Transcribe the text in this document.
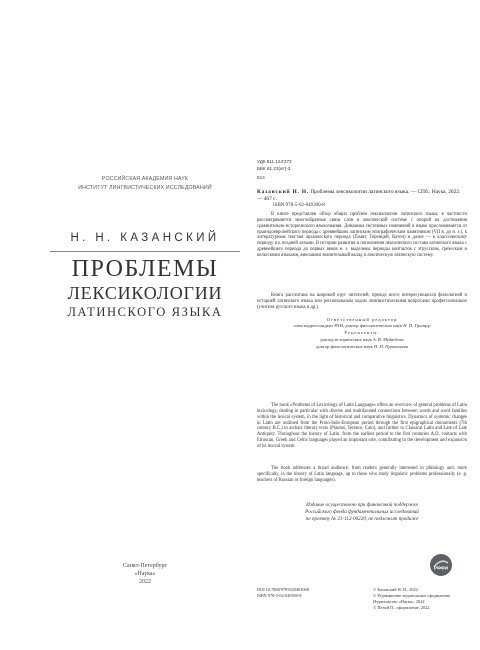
РОССИЙСКАЯ АКАДЕМИЯ НАУК
ИНСТИТУТ ЛИНГВИСТИЧЕСКИХ ИССЛЕДОВАНИЙ
Н. Н. КАЗАНСКИЙ
ПРОБЛЕМЫ
ЛЕКСИКОЛОГИИ
ЛАТИНСКОГО ЯЗЫКА
Санкт-Петербург
«Наука»
2022
УДК 811.124'373
ББК 81.23(ит)-3
К14
Казанский Н. Н. Проблемы лексикологии латинского языка. — СПб.: Наука, 2022. — 467 с.
ISBN 978-5-02-040300-8
В книге представлен обзор общих проблем лексикологии латинского языка, в частности рассматриваются многообразные связи слов в лексической системе с опорой на достижения сравнительно-исторического языкознания. Динамика системных изменений в языке прослеживается от праиндоевропейского периода с древнейшим латинским эпиграфическим памятником (VII в. до н. э.), к литературным текстам архаического периода (Плавт, Теренций, Катон) и далее — к классическому периоду и к поздней латыни. В истории развития и пополнения лексического состава латинского языка с древнейшего периода до первых веков н. э. выделены периоды контактов с этрусским, греческим и кельтскими языками, внесшими значительный вклад в лексическую латинскую систему.
Книга рассчитана на широкий круг читателей, прежде всего интересующихся филологией и историей латинского языка или региональным ходом лингвистическими вопросами профессионально (учителя русского языка и др.).
Ответственный редактор
член-корреспондент РАН, доктор филологических наук Н. П. Гринцер
Рецензенты:
доктор исторических наук А. В. Медведева
доктор филологических наук Н. П. Прокопьева
The book «Problems of Lexicology of Latin Language» offers an overview of general problems of Latin lexicology, dealing in particular with diverse and multifaceted connections between words and word families within the lexical system, in the light of historical and comparative linguistics. Dynamics of systemic changes in Latin are outlined from the Proto-Indo-European period through the first epigraphical monuments (7th century B.C.) to archaic literary texts (Plautus, Terence, Cato), and further to Classical Latin and Late of Late Antiquity. Throughout the history of Latin, from the earliest period to the first centuries A.D. contacts with Etruscan, Greek and Celtic languages played an important role, contributing to the development and expansion of its lexical system.
The book addresses a broad audience, from readers generally interested in philology and, more specifically, in the history of Latin language, up to those who study linguistic problems professionally (e. g. teachers of Russian or foreign languages).
Издание осуществлено при финансовой поддержке
Российского фонда фундаментальных исследований
по проекту № 21-112-00220, не подлежит продаже
РФФИ
DOI 10.7868/9785020403008
ISBN 978-5-02-040300-8
© Казанский Н. Н., 2022
© Редакционно-издательское оформление. Издательство «Наука», 2022
© Пелой П., оформление, 2022
